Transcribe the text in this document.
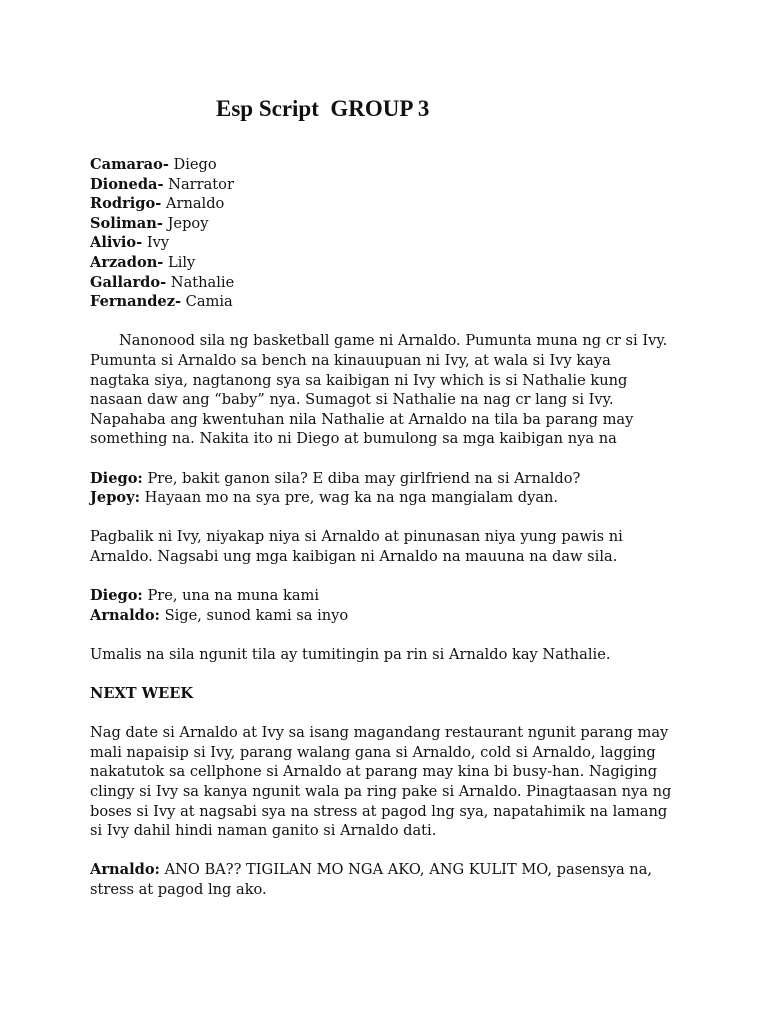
Esp Script  GROUP 3
Camarao- Diego
Dioneda- Narrator
Rodrigo- Arnaldo
Soliman- Jepoy
Alivio- Ivy
Arzadon- Lily
Gallardo- Nathalie
Fernandez- Camia
Nanonood sila ng basketball game ni Arnaldo. Pumunta muna ng cr si Ivy.
Pumunta si Arnaldo sa bench na kinauupuan ni Ivy, at wala si Ivy kaya
nagtaka siya, nagtanong sya sa kaibigan ni Ivy which is si Nathalie kung
nasaan daw ang “baby” nya. Sumagot si Nathalie na nag cr lang si Ivy.
Napahaba ang kwentuhan nila Nathalie at Arnaldo na tila ba parang may
something na. Nakita ito ni Diego at bumulong sa mga kaibigan nya na
Diego: Pre, bakit ganon sila? E diba may girlfriend na si Arnaldo?
Jepoy: Hayaan mo na sya pre, wag ka na nga mangialam dyan.
Pagbalik ni Ivy, niyakap niya si Arnaldo at pinunasan niya yung pawis ni
Arnaldo. Nagsabi ung mga kaibigan ni Arnaldo na mauuna na daw sila.
Diego: Pre, una na muna kami
Arnaldo: Sige, sunod kami sa inyo
Umalis na sila ngunit tila ay tumitingin pa rin si Arnaldo kay Nathalie.
NEXT WEEK
Nag date si Arnaldo at Ivy sa isang magandang restaurant ngunit parang may
mali napaisip si Ivy, parang walang gana si Arnaldo, cold si Arnaldo, lagging
nakatutok sa cellphone si Arnaldo at parang may kina bi busy-han. Nagiging
clingy si Ivy sa kanya ngunit wala pa ring pake si Arnaldo. Pinagtaasan nya ng
boses si Ivy at nagsabi sya na stress at pagod lng sya, napatahimik na lamang
si Ivy dahil hindi naman ganito si Arnaldo dati.
Arnaldo: ANO BA?? TIGILAN MO NGA AKO, ANG KULIT MO, pasensya na,
stress at pagod lng ako.
